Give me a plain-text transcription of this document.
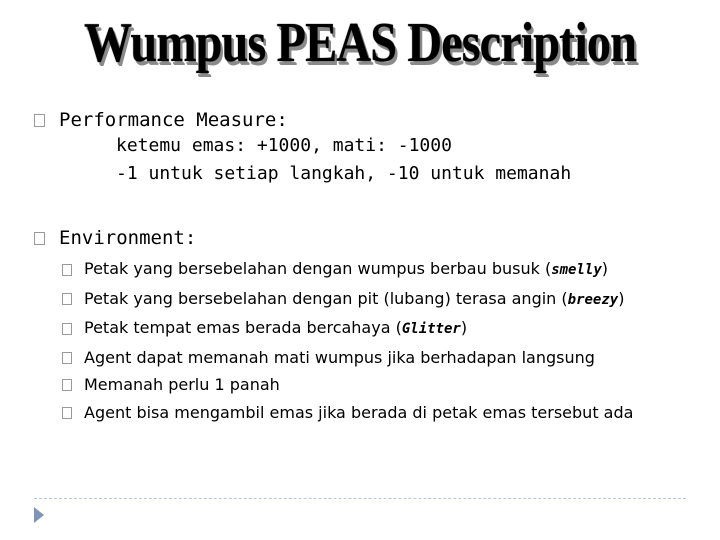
Wumpus PEAS Description
Performance Measure:
ketemu emas: +1000, mati: -1000
-1 untuk setiap langkah, -10 untuk memanah
Environment:
Petak yang bersebelahan dengan wumpus berbau busuk (smelly)
Petak yang bersebelahan dengan pit (lubang) terasa angin (breezy)
Petak tempat emas berada bercahaya (Glitter)
Agent dapat memanah mati wumpus jika berhadapan langsung
Memanah perlu 1 panah
Agent bisa mengambil emas jika berada di petak emas tersebut ada
